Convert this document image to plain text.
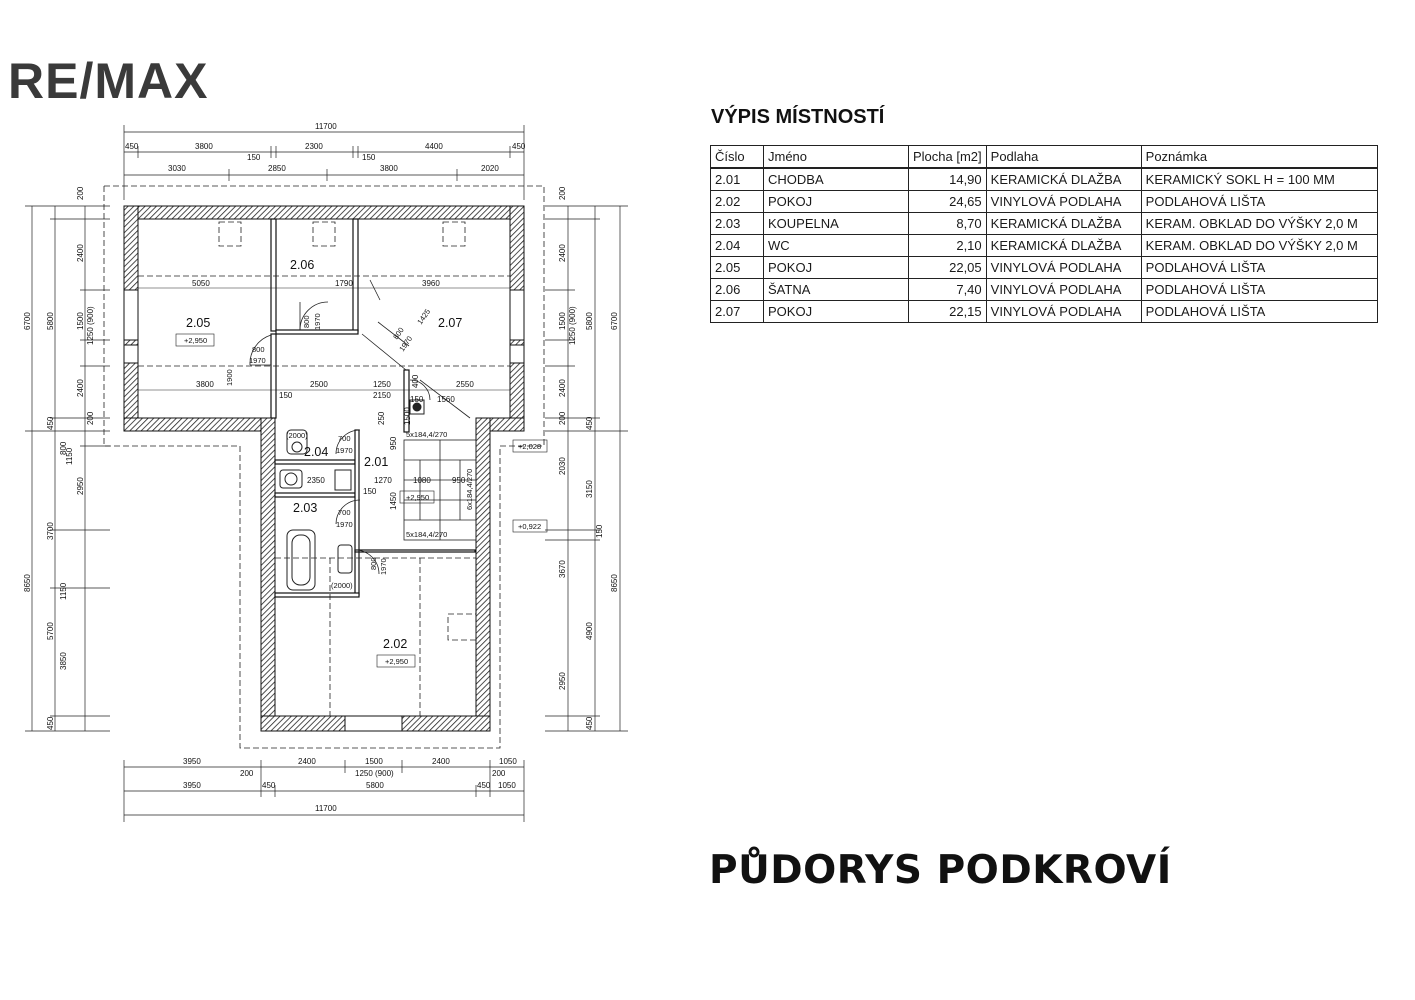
RE/MAX
2.05
2.06
2.07
2.04
2.01
2.03
2.02
+2,950
+2,950
+2,950
+2,028
+0,922
11700
450	3800
150
2300
150
4400	450
3030	2850	3800	2020
3950
200
2400	1500
1250 (900)
2400
200
1050
3950	450	5800	450 1050
11700
6700
8650
5800
450
3700
1150
5700
3850
450
200
2400
1500 1250 (900)
2400
200
800
1150
2950
6700
8650
5800
450
3150
150
4900
450
200
2400
1500 1250 (900)
2400
200
2030
3670
2950
5050	1790	3960
3800	2500	1250	2550
2150
150	150 1560
2350	1270	1080	950
150
1450
950
250 1500
400
800
1970
800 1970
800
1970
1425
700
1970
700
1970
800 1970
1900
5x184,4/270
6x184,4/270
5x184,4/270
(2000)
(2000)
VÝPIS MÍSTNOSTÍ
Číslo	Jméno	Plocha [m2]	Podlaha	Poznámka
2.01	CHODBA	14,90	KERAMICKÁ DLAŽBA	KERAMICKÝ SOKL H = 100 MM
2.02	POKOJ	24,65	VINYLOVÁ PODLAHA	PODLAHOVÁ LIŠTA
2.03	KOUPELNA	8,70	KERAMICKÁ DLAŽBA	KERAM. OBKLAD DO VÝŠKY 2,0 M
2.04	WC	2,10	KERAMICKÁ DLAŽBA	KERAM. OBKLAD DO VÝŠKY 2,0 M
2.05	POKOJ	22,05	VINYLOVÁ PODLAHA	PODLAHOVÁ LIŠTA
2.06	ŠATNA	7,40	VINYLOVÁ PODLAHA	PODLAHOVÁ LIŠTA
2.07	POKOJ	22,15	VINYLOVÁ PODLAHA	PODLAHOVÁ LIŠTA
PŮDORYS PODKROVÍ
